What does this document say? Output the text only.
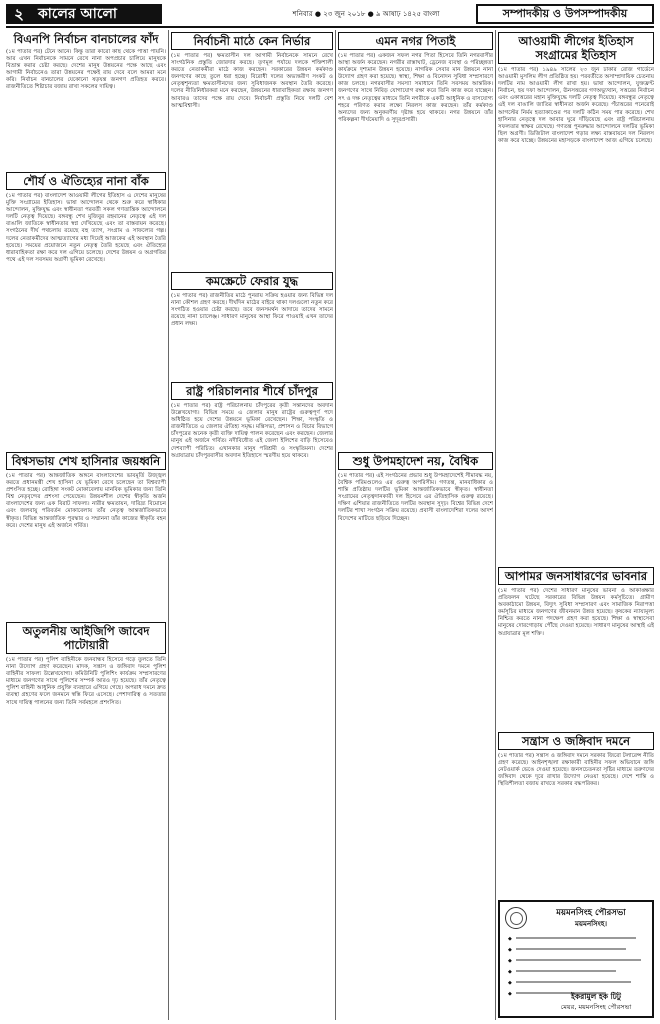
২	কালের আলো	শনিবার ● ২৩ জুন ২০১৮ ● ৯ আষাঢ় ১৪২৫ বাংলা	সম্পাদকীয় ও উপসম্পাদকীয়
বিএনপি নির্বাচন বানচালের ফাঁদ

(১ম পাতার পর) টেনে আনে। কিন্তু তারা কারো কাছ থেকে পাত্তা পায়নি। আর এখন নির্বাচনকে সামনে রেখে নানা অপপ্রচার চালিয়ে মানুষকে বিভ্রান্ত করার চেষ্টা করছে। দেশের মানুষ উন্নয়নের পক্ষে আছে এবং আগামী নির্বাচনেও তারা উন্নয়নের পক্ষেই রায় দেবে বলে আমরা মনে করি। নির্বাচন বানচালের যেকোনো ষড়যন্ত্র জনগণ প্রতিহত করবে। রাজনীতিতে শিষ্টাচার বজায় রাখা সকলের দায়িত্ব।

শৌর্য ও ঐতিহ্যের নানা বাঁক

(১ম পাতার পর) বাংলাদেশ আওয়ামী লীগের ইতিহাস এ দেশের মানুষের মুক্তি সংগ্রামের ইতিহাস। ভাষা আন্দোলন থেকে শুরু করে স্বাধিকার আন্দোলন, মুক্তিযুদ্ধ এবং স্বাধীনতা পরবর্তী সকল গণতান্ত্রিক আন্দোলনে দলটি নেতৃত্ব দিয়েছে। বঙ্গবন্ধু শেখ মুজিবুর রহমানের নেতৃত্বে এই দল বাঙালি জাতিকে স্বাধীনতার স্বপ্ন দেখিয়েছে এবং তা বাস্তবায়ন করেছে। সংগঠনের দীর্ঘ পথচলায় রয়েছে বহু ত্যাগ, সংগ্রাম ও সাফল্যের গল্প। দলের নেতাকর্মীদের আত্মত্যাগের মধ্য দিয়েই আজকের এই অবস্থান তৈরি হয়েছে। সময়ের প্রয়োজনে নতুন নেতৃত্ব তৈরি হয়েছে এবং ঐতিহ্যের ধারাবাহিকতা রক্ষা করে দল এগিয়ে চলেছে। দেশের উন্নয়ন ও অগ্রগতির পথে এই দল সবসময় অগ্রণী ভূমিকা রেখেছে।

বিশ্বসভায় শেখ হাসিনার জয়ধ্বনি

(১ম পাতার পর) আন্তর্জাতিক অঙ্গনে বাংলাদেশের ভাবমূর্তি উজ্জ্বল করতে প্রধানমন্ত্রী শেখ হাসিনা যে ভূমিকা রেখে চলেছেন তা বিশ্বব্যাপী প্রশংসিত হচ্ছে। রোহিঙ্গা সংকট মোকাবেলায় মানবিক ভূমিকার জন্য তিনি বিশ্ব নেতৃবৃন্দের প্রশংসা পেয়েছেন। উন্নয়নশীল দেশের স্বীকৃতি অর্জন বাংলাদেশের জন্য এক বিরাট সাফল্য। নারীর ক্ষমতায়ন, দারিদ্র্য বিমোচন এবং জলবায়ু পরিবর্তন মোকাবেলায় তাঁর নেতৃত্ব আন্তর্জাতিকভাবে স্বীকৃত। বিভিন্ন আন্তর্জাতিক পুরস্কার ও সম্মাননা তাঁর কাজের স্বীকৃতি বহন করে। দেশের মানুষ এই অর্জনে গর্বিত।

অতুলনীয় আইজিপি জাবেদ পাটোয়ারী

(১ম পাতার পর) পুলিশ বাহিনীকে জনবান্ধব হিসেবে গড়ে তুলতে তিনি নানা উদ্যোগ গ্রহণ করেছেন। মাদক, সন্ত্রাস ও জঙ্গিবাদ দমনে পুলিশ বাহিনীর সাফল্য উল্লেখযোগ্য। কমিউনিটি পুলিশিং কার্যক্রম সম্প্রসারণের মাধ্যমে জনগণের সাথে পুলিশের সম্পর্ক আরও দৃঢ় হয়েছে। তাঁর নেতৃত্বে পুলিশ বাহিনী আধুনিক প্রযুক্তি ব্যবহারে এগিয়ে গেছে। অপরাধ দমনে দ্রুত ব্যবস্থা গ্রহণের ফলে জনমনে স্বস্তি ফিরে এসেছে। পেশাদারিত্ব ও সততার সাথে দায়িত্ব পালনের জন্য তিনি সর্বমহলে প্রশংসিত।

নির্বাচনী মাঠে কেন নির্ভার

(১ম পাতার পর) ক্ষমতাসীন দল আগামী নির্বাচনকে সামনে রেখে সাংগঠনিক প্রস্তুতি জোরদার করছে। তৃণমূল পর্যায়ে দলকে শক্তিশালী করতে নেতাকর্মীরা মাঠে কাজ করছেন। সরকারের উন্নয়ন কর্মকাণ্ড জনগণের কাছে তুলে ধরা হচ্ছে। বিরোধী দলের অভ্যন্তরীণ সংকট ও নেতৃত্বশূন্যতা ক্ষমতাসীনদের জন্য সুবিধাজনক অবস্থান তৈরি করেছে। দলের নীতিনির্ধারকরা মনে করছেন, উন্নয়নের ধারাবাহিকতা রক্ষায় জনগণ আবারও তাদের পক্ষে রায় দেবে। নির্বাচনী প্রস্তুতি নিয়ে দলটি বেশ আত্মবিশ্বাসী।

কমস্ক্রেটে ফেরার যুদ্ধ

(১ম পাতার পর) রাজনীতির মাঠে পুনরায় সক্রিয় হওয়ার জন্য বিভিন্ন দল নানা কৌশল গ্রহণ করছে। দীর্ঘদিন মাঠের বাইরে থাকা দলগুলো নতুন করে সংগঠিত হওয়ার চেষ্টা করছে। তবে জনসমর্থন আদায়ে তাদের সামনে রয়েছে নানা চ্যালেঞ্জ। সাধারণ মানুষের আস্থা ফিরে পাওয়াই এখন তাদের প্রধান লক্ষ্য।

রাষ্ট্র পরিচালনার শীর্ষে চাঁদপুর

(১ম পাতার পর) রাষ্ট্র পরিচালনায় চাঁদপুরের কৃতী সন্তানদের অবদান উল্লেখযোগ্য। বিভিন্ন সময়ে এ জেলার মানুষ রাষ্ট্রের গুরুত্বপূর্ণ পদে অধিষ্ঠিত হয়ে দেশের উন্নয়নে ভূমিকা রেখেছেন। শিক্ষা, সংস্কৃতি ও রাজনীতিতে এ জেলার ঐতিহ্য সমৃদ্ধ। মন্ত্রিসভা, প্রশাসন ও বিচার বিভাগে চাঁদপুরের অনেক কৃতী ব্যক্তি দায়িত্ব পালন করেছেন এবং করছেন। জেলার মানুষ এই অর্জনে গর্বিত। নদীবিধৌত এই জেলা ইলিশের বাড়ি হিসেবেও দেশব্যাপী পরিচিত। এখানকার মানুষ পরিশ্রমী ও সংস্কৃতিমনা। দেশের অগ্রযাত্রায় চাঁদপুরবাসীর অবদান ইতিহাসে স্মরণীয় হয়ে থাকবে।

এমন নগর পিতাই

(১ম পাতার পর) একজন সফল নগর পিতা হিসেবে তিনি নগরবাসীর আস্থা অর্জন করেছেন। নগরীর রাস্তাঘাট, ড্রেনেজ ব্যবস্থা ও পরিচ্ছন্নতা কার্যক্রমে দৃশ্যমান উন্নয়ন হয়েছে। নাগরিক সেবার মান উন্নয়নে নানা উদ্যোগ গ্রহণ করা হয়েছে। স্বাস্থ্য, শিক্ষা ও বিনোদন সুবিধা সম্প্রসারণে কাজ চলছে। নগরবাসীর সমস্যা সমাধানে তিনি সবসময় আন্তরিক। জনগণের সাথে নিবিড় যোগাযোগ রক্ষা করে তিনি কাজ করে যাচ্ছেন। সৎ ও দক্ষ নেতৃত্বের মাধ্যমে তিনি নগরীকে একটি আধুনিক ও বাসযোগ্য শহরে পরিণত করার লক্ষ্যে নিরলস কাজ করছেন। তাঁর কর্মকাণ্ড অন্যদের জন্য অনুকরণীয় দৃষ্টান্ত হয়ে থাকবে। নগর উন্নয়নে তাঁর পরিকল্পনা দীর্ঘমেয়াদি ও সুদূরপ্রসারী।

শুধু উপমহাদেশ নয়, বৈশ্বিক

(১ম পাতার পর) এই সংগঠনের প্রভাব শুধু উপমহাদেশেই সীমাবদ্ধ নয়, বৈশ্বিক পরিমণ্ডলেও এর গুরুত্ব অপরিসীম। গণতন্ত্র, মানবাধিকার ও শান্তি প্রতিষ্ঠায় দলটির ভূমিকা আন্তর্জাতিকভাবে স্বীকৃত। স্বাধীনতা সংগ্রামের নেতৃত্বদানকারী দল হিসেবে এর ঐতিহাসিক গুরুত্ব রয়েছে। দক্ষিণ এশিয়ার রাজনীতিতে দলটির অবস্থান সুদৃঢ়। বিশ্বের বিভিন্ন দেশে দলটির শাখা সংগঠন সক্রিয় রয়েছে। প্রবাসী বাংলাদেশিরা দলের আদর্শ বিদেশের মাটিতে ছড়িয়ে দিচ্ছেন।

আওয়ামী লীগের ইতিহাস সংগ্রামের ইতিহাস

(১ম পাতার পর) ১৯৪৯ সালের ২৩ জুন ঢাকার রোজ গার্ডেনে আওয়ামী মুসলিম লীগ প্রতিষ্ঠিত হয়। পরবর্তীতে অসাম্প্রদায়িক চেতনায় দলটির নাম আওয়ামী লীগ রাখা হয়। ভাষা আন্দোলন, যুক্তফ্রন্ট নির্বাচন, ছয় দফা আন্দোলন, ঊনসত্তরের গণঅভ্যুত্থান, সত্তরের নির্বাচন এবং একাত্তরের মহান মুক্তিযুদ্ধে দলটি নেতৃত্ব দিয়েছে। বঙ্গবন্ধুর নেতৃত্বে এই দল বাঙালি জাতির স্বাধীনতা অর্জন করেছে। পঁচাত্তরের পনেরোই আগস্টের নির্মম হত্যাকাণ্ডের পর দলটি কঠিন সময় পার করেছে। শেখ হাসিনার নেতৃত্বে দল আবার ঘুরে দাঁড়িয়েছে এবং রাষ্ট্র পরিচালনায় সফলতার স্বাক্ষর রেখেছে। গণতন্ত্র পুনরুদ্ধার আন্দোলনে দলটির ভূমিকা ছিল অগ্রণী। ডিজিটাল বাংলাদেশ গড়ার লক্ষ্য বাস্তবায়নে দল নিরলস কাজ করে যাচ্ছে। উন্নয়নের মহাসড়কে বাংলাদেশ আজ এগিয়ে চলেছে।

আপামর জনসাধারণের ভাবনার

(১ম পাতার পর) দেশের সাধারণ মানুষের ভাবনা ও আকাঙ্ক্ষার প্রতিফলন ঘটেছে সরকারের বিভিন্ন উন্নয়ন কর্মসূচিতে। গ্রামীণ অবকাঠামো উন্নয়ন, বিদ্যুৎ সুবিধা সম্প্রসারণ এবং সামাজিক নিরাপত্তা কর্মসূচির মাধ্যমে জনগণের জীবনমান উন্নত হয়েছে। কৃষকের ন্যায্যমূল্য নিশ্চিত করতে নানা পদক্ষেপ গ্রহণ করা হয়েছে। শিক্ষা ও স্বাস্থ্যসেবা মানুষের দোরগোড়ায় পৌঁছে দেওয়া হয়েছে। সাধারণ মানুষের আস্থাই এই অগ্রযাত্রার মূল শক্তি।

সন্ত্রাস ও জঙ্গিবাদ দমনে

(১ম পাতার পর) সন্ত্রাস ও জঙ্গিবাদ দমনে সরকার জিরো টলারেন্স নীতি গ্রহণ করেছে। আইনশৃঙ্খলা রক্ষাকারী বাহিনীর সফল অভিযানে জঙ্গি নেটওয়ার্ক ভেঙে দেওয়া হয়েছে। জনসচেতনতা সৃষ্টির মাধ্যমে তরুণদের জঙ্গিবাদ থেকে দূরে রাখার উদ্যোগ নেওয়া হয়েছে। দেশে শান্তি ও স্থিতিশীলতা বজায় রাখতে সরকার বদ্ধপরিকর।

ময়মনসিংহ পৌরসভা
ময়মনসিংহ।
◆
◆
◆
◆
◆
◆
ইকরামুল হক টিটু
মেয়র, ময়মনসিংহ পৌরসভা
